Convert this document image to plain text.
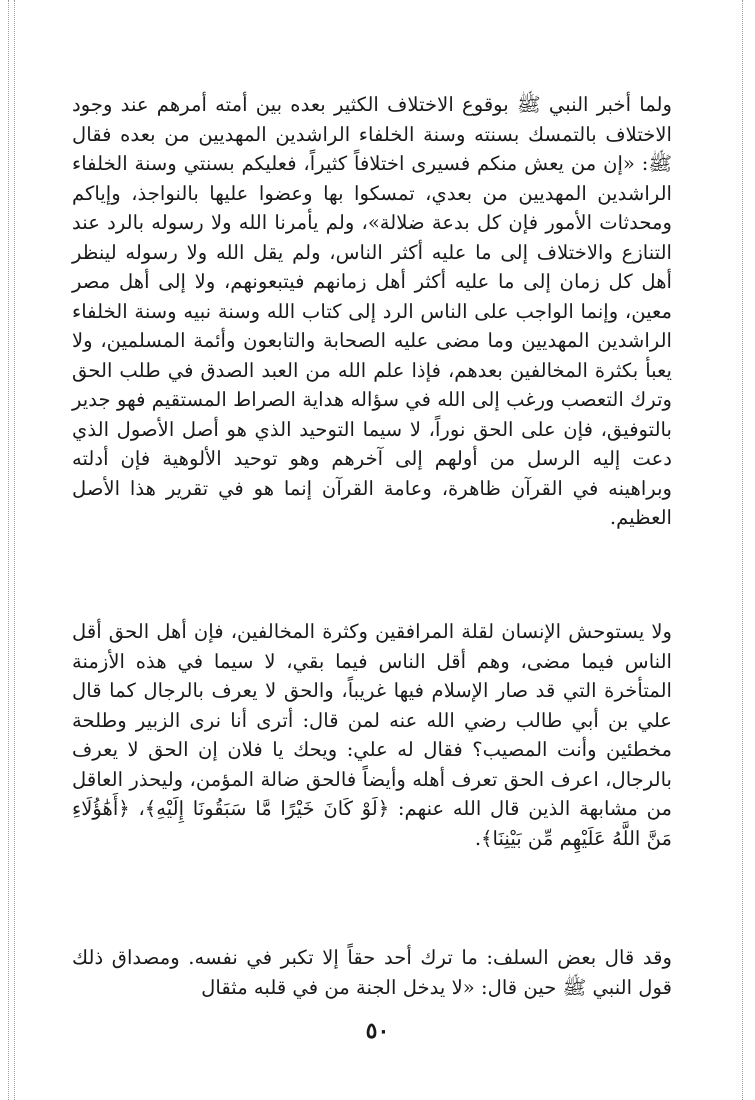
ولما أخبر النبي ﷺ بوقوع الاختلاف الكثير بعده بين أمته أمرهم عند وجود الاختلاف بالتمسك بسنته وسنة الخلفاء الراشدين المهديين من بعده فقال ﷺ: «إن من يعش منكم فسيرى اختلافاً كثيراً، فعليكم بسنتي وسنة الخلفاء الراشدين المهديين من بعدي، تمسكوا بها وعضوا عليها بالنواجذ، وإياكم ومحدثات الأمور فإن كل بدعة ضلالة»، ولم يأمرنا الله ولا رسوله بالرد عند التنازع والاختلاف إلى ما عليه أكثر الناس، ولم يقل الله ولا رسوله لينظر أهل كل زمان إلى ما عليه أكثر أهل زمانهم فيتبعونهم، ولا إلى أهل مصر معين، وإنما الواجب على الناس الرد إلى كتاب الله وسنة نبيه وسنة الخلفاء الراشدين المهديين وما مضى عليه الصحابة والتابعون وأئمة المسلمين، ولا يعبأ بكثرة المخالفين بعدهم، فإذا علم الله من العبد الصدق في طلب الحق وترك التعصب ورغب إلى الله في سؤاله هداية الصراط المستقيم فهو جدير بالتوفيق، فإن على الحق نوراً، لا سيما التوحيد الذي هو أصل الأصول الذي دعت إليه الرسل من أولهم إلى آخرهم وهو توحيد الألوهية فإن أدلته وبراهينه في القرآن ظاهرة، وعامة القرآن إنما هو في تقرير هذا الأصل العظيم.

ولا يستوحش الإنسان لقلة المرافقين وكثرة المخالفين، فإن أهل الحق أقل الناس فيما مضى، وهم أقل الناس فيما بقي، لا سيما في هذه الأزمنة المتأخرة التي قد صار الإسلام فيها غريباً، والحق لا يعرف بالرجال كما قال علي بن أبي طالب رضي الله عنه لمن قال: أترى أنا نرى الزبير وطلحة مخطئين وأنت المصيب؟ فقال له علي: ويحك يا فلان إن الحق لا يعرف بالرجال، اعرف الحق تعرف أهله وأيضاً فالحق ضالة المؤمن، وليحذر العاقل من مشابهة الذين قال الله عنهم: ﴿لَوْ كَانَ خَيْرًا مَّا سَبَقُونَا إِلَيْهِ﴾، ﴿أَهَٰؤُلَاءِ مَنَّ اللَّهُ عَلَيْهِم مِّن بَيْنِنَا﴾.

وقد قال بعض السلف: ما ترك أحد حقاً إلا تكبر في نفسه. ومصداق ذلك قول النبي ﷺ حين قال: «لا يدخل الجنة من في قلبه مثقال

٥٠
